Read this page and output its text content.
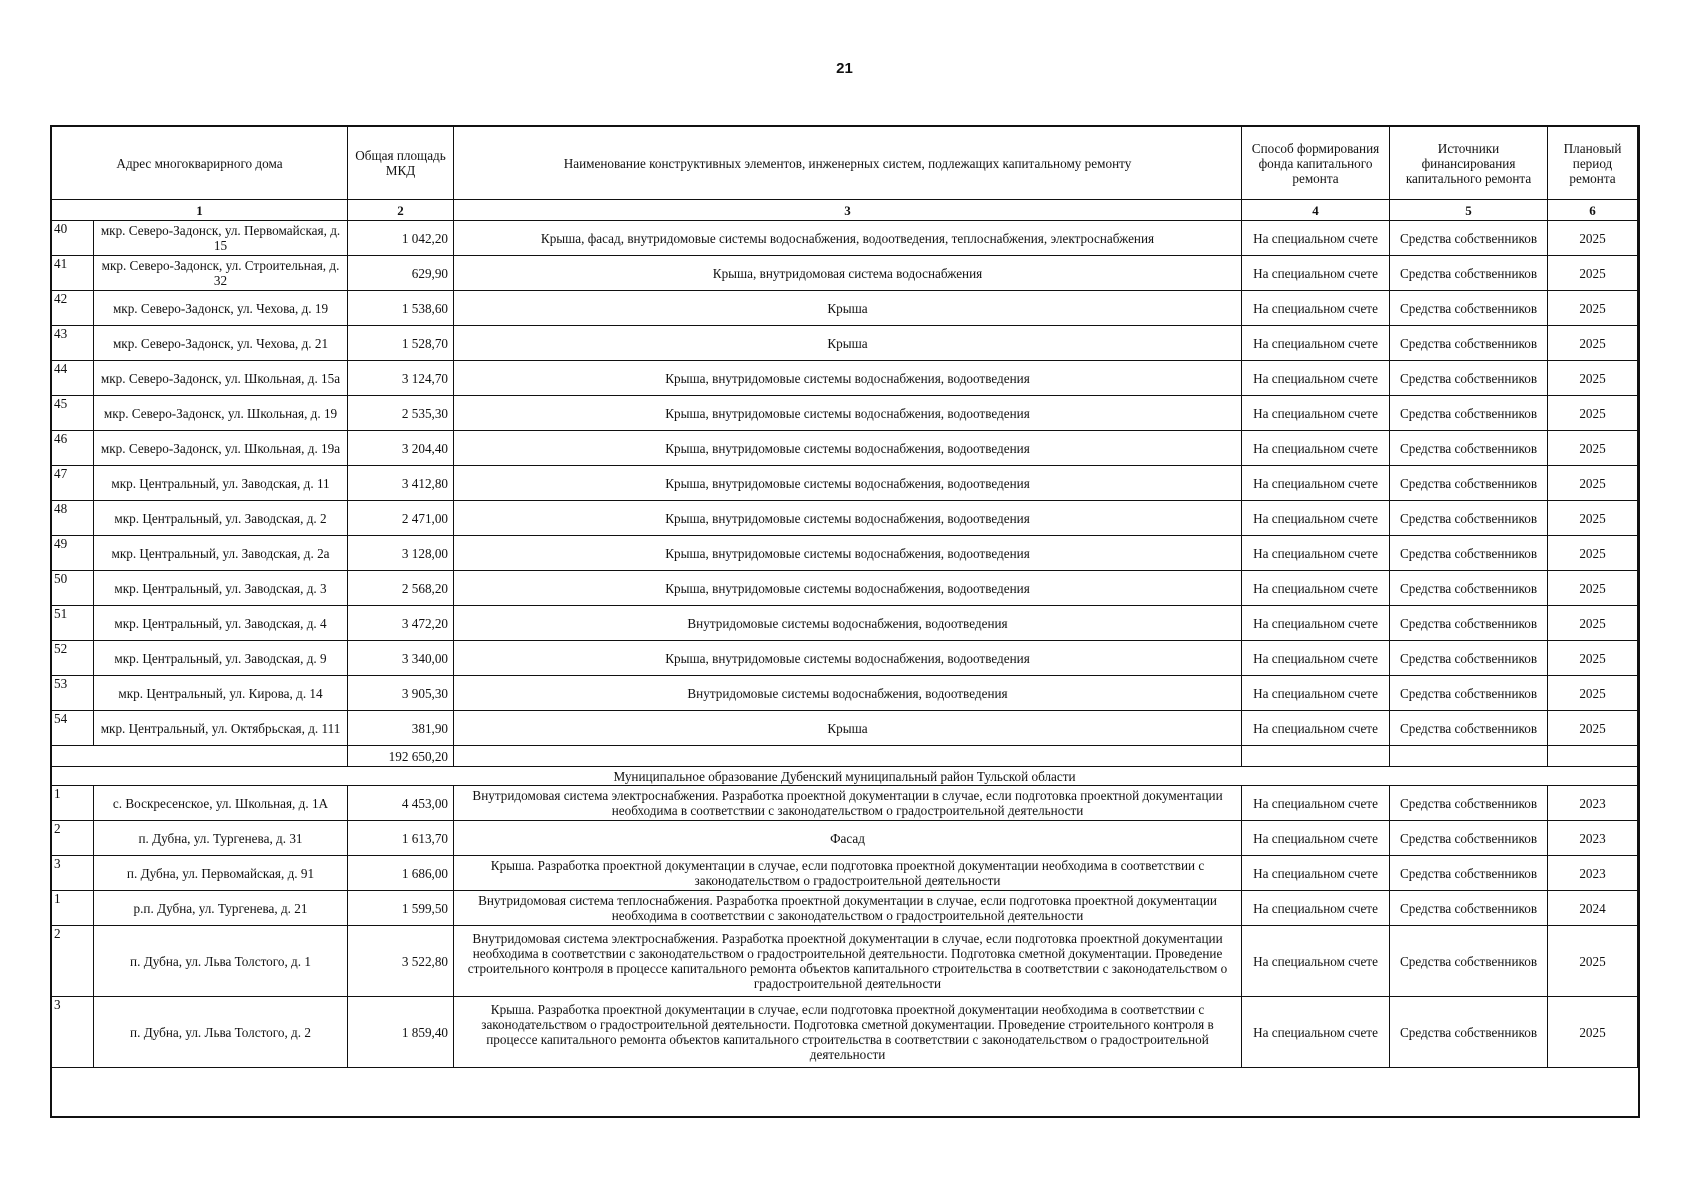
21
Адрес многокварирного дома		Общая площадь МКД	Наименование конструктивных элементов, инженерных систем, подлежащих капитальному ремонту	Способ формирования фонда капитального ремонта	Источники финансирования капитального ремонта	Плановый период ремонта
1		2	3	4	5	6
40	мкр. Северо-Задонск, ул. Первомайская, д. 15	1 042,20	Крыша, фасад, внутридомовые системы водоснабжения, водоотведения, теплоснабжения, электроснабжения	На специальном счете	Средства собственников	2025
41	мкр. Северо-Задонск, ул. Строительная, д. 32	629,90	Крыша, внутридомовая система водоснабжения	На специальном счете	Средства собственников	2025
42	мкр. Северо-Задонск, ул. Чехова, д. 19	1 538,60	Крыша	На специальном счете	Средства собственников	2025
43	мкр. Северо-Задонск, ул. Чехова, д. 21	1 528,70	Крыша	На специальном счете	Средства собственников	2025
44	мкр. Северо-Задонск, ул. Школьная, д. 15а	3 124,70	Крыша, внутридомовые системы водоснабжения, водоотведения	На специальном счете	Средства собственников	2025
45	мкр. Северо-Задонск, ул. Школьная, д. 19	2 535,30	Крыша, внутридомовые системы водоснабжения, водоотведения	На специальном счете	Средства собственников	2025
46	мкр. Северо-Задонск, ул. Школьная, д. 19а	3 204,40	Крыша, внутридомовые системы водоснабжения, водоотведения	На специальном счете	Средства собственников	2025
47	мкр. Центральный, ул. Заводская, д. 11	3 412,80	Крыша, внутридомовые системы водоснабжения, водоотведения	На специальном счете	Средства собственников	2025
48	мкр. Центральный, ул. Заводская, д. 2	2 471,00	Крыша, внутридомовые системы водоснабжения, водоотведения	На специальном счете	Средства собственников	2025
49	мкр. Центральный, ул. Заводская, д. 2а	3 128,00	Крыша, внутридомовые системы водоснабжения, водоотведения	На специальном счете	Средства собственников	2025
50	мкр. Центральный, ул. Заводская, д. 3	2 568,20	Крыша, внутридомовые системы водоснабжения, водоотведения	На специальном счете	Средства собственников	2025
51	мкр. Центральный, ул. Заводская, д. 4	3 472,20	Внутридомовые системы водоснабжения, водоотведения	На специальном счете	Средства собственников	2025
52	мкр. Центральный, ул. Заводская, д. 9	3 340,00	Крыша, внутридомовые системы водоснабжения, водоотведения	На специальном счете	Средства собственников	2025
53	мкр. Центральный, ул. Кирова, д. 14	3 905,30	Внутридомовые системы водоснабжения, водоотведения	На специальном счете	Средства собственников	2025
54	мкр. Центральный, ул. Октябрьская, д. 111	381,90	Крыша	На специальном счете	Средства собственников	2025
		192 650,20				
Муниципальное образование Дубенский муниципальный район Тульской области						
1	с. Воскресенское, ул. Школьная, д. 1А	4 453,00	Внутридомовая система электроснабжения. Разработка проектной документации в случае, если подготовка проектной документации необходима в соответствии с законодательством о градостроительной деятельности	На специальном счете	Средства собственников	2023
2	п. Дубна, ул. Тургенева, д. 31	1 613,70	Фасад	На специальном счете	Средства собственников	2023
3	п. Дубна, ул. Первомайская, д. 91	1 686,00	Крыша. Разработка проектной документации в случае, если подготовка проектной документации необходима в соответствии с законодательством о градостроительной деятельности	На специальном счете	Средства собственников	2023
1	р.п. Дубна, ул. Тургенева, д. 21	1 599,50	Внутридомовая система теплоснабжения. Разработка проектной документации в случае, если подготовка проектной документации необходима в соответствии с законодательством о градостроительной деятельности	На специальном счете	Средства собственников	2024
2	п. Дубна, ул. Льва Толстого, д. 1	3 522,80	Внутридомовая система электроснабжения. Разработка проектной документации в случае, если подготовка проектной документации необходима в соответствии с законодательством о градостроительной деятельности. Подготовка сметной документации. Проведение строительного контроля в процессе капитального ремонта объектов капитального строительства в соответствии с законодательством о градостроительной деятельности	На специальном счете	Средства собственников	2025
3	п. Дубна, ул. Льва Толстого, д. 2	1 859,40	Крыша. Разработка проектной документации в случае, если подготовка проектной документации необходима в соответствии с законодательством о градостроительной деятельности. Подготовка сметной документации. Проведение строительного контроля в процессе капитального ремонта объектов капитального строительства в соответствии с законодательством о градостроительной деятельности	На специальном счете	Средства собственников	2025
